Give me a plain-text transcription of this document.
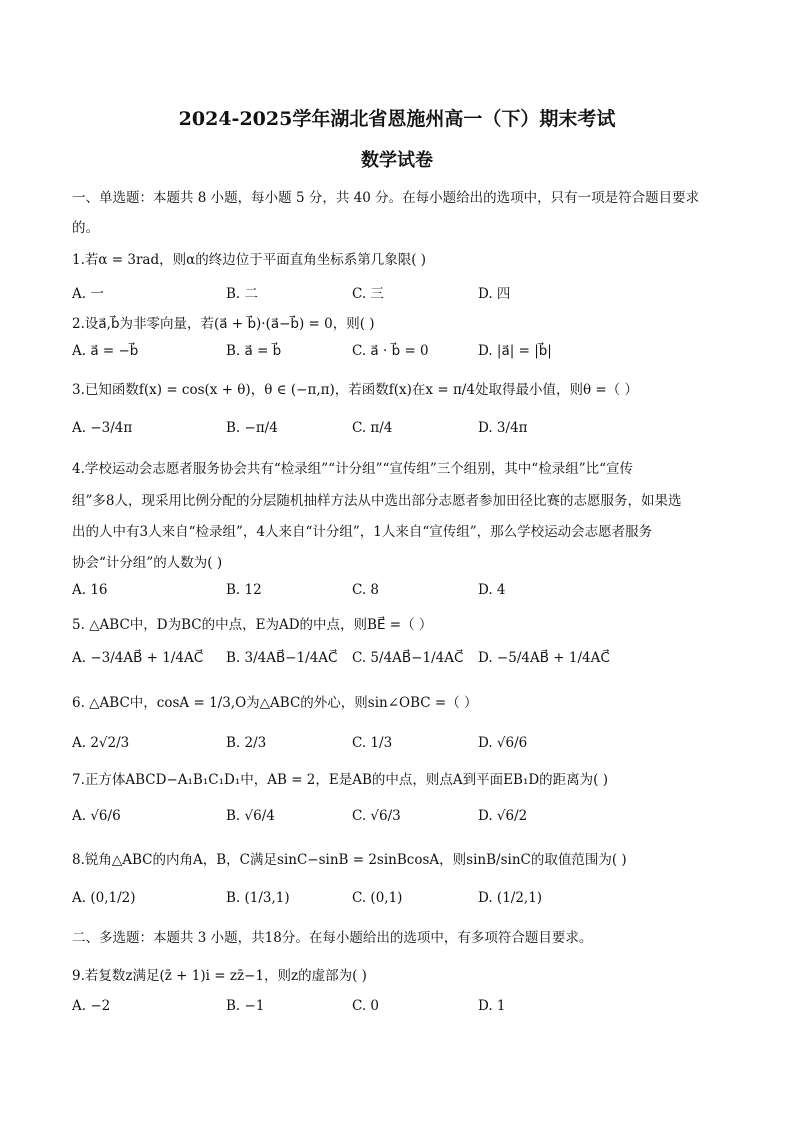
2024-2025学年湖北省恩施州高一（下）期末考试
数学试卷
一、单选题：本题共 8 小题，每小题 5 分，共 40 分。在每小题给出的选项中，只有一项是符合题目要求
的。
1.若α = 3rad，则α的终边位于平面直角坐标系第几象限( )
A. 一	B. 二	C. 三	D. 四
2.设a⃗,b⃗为非零向量，若(a⃗ + b⃗)·(a⃗−b⃗) = 0，则( )
A. a⃗ = −b⃗	B. a⃗ = b⃗	C. a⃗ · b⃗ = 0	D. |a⃗| = |b⃗|
3.已知函数f(x) = cos(x + θ)，θ ∈ (−π,π)，若函数f(x)在x = π/4处取得最小值，则θ =（ ）
A. −3/4π	B. −π/4	C. π/4	D. 3/4π
4.学校运动会志愿者服务协会共有“检录组”“计分组”“宣传组”三个组别，其中“检录组”比“宣传
组”多8人，现采用比例分配的分层随机抽样方法从中选出部分志愿者参加田径比赛的志愿服务，如果选
出的人中有3人来自“检录组”，4人来自“计分组”，1人来自“宣传组”，那么学校运动会志愿者服务
协会“计分组”的人数为( )
A. 16	B. 12	C. 8	D. 4
5. △ABC中，D为BC的中点，E为AD的中点，则BE⃗ =（ ）
A. −3/4AB⃗ + 1/4AC⃗ B. 3/4AB⃗−1/4AC⃗ C. 5/4AB⃗−1/4AC⃗ D. −5/4AB⃗ + 1/4AC⃗
6. △ABC中，cosA = 1/3,O为△ABC的外心，则sin∠OBC =（ ）
A. 2√2/3	B. 2/3	C. 1/3	D. √6/6
7.正方体ABCD−A₁B₁C₁D₁中，AB = 2，E是AB的中点，则点A到平面EB₁D的距离为( )
A. √6/6	B. √6/4	C. √6/3	D. √6/2
8.锐角△ABC的内角A，B，C满足sinC−sinB = 2sinBcosA，则sinB/sinC的取值范围为( )
A. (0,1/2)	B. (1/3,1)	C. (0,1)	D. (1/2,1)
二、多选题：本题共 3 小题，共18分。在每小题给出的选项中，有多项符合题目要求。
9.若复数z满足(z̄ + 1)i = zz̄−1，则z的虚部为( )
A. −2	B. −1	C. 0	D. 1
